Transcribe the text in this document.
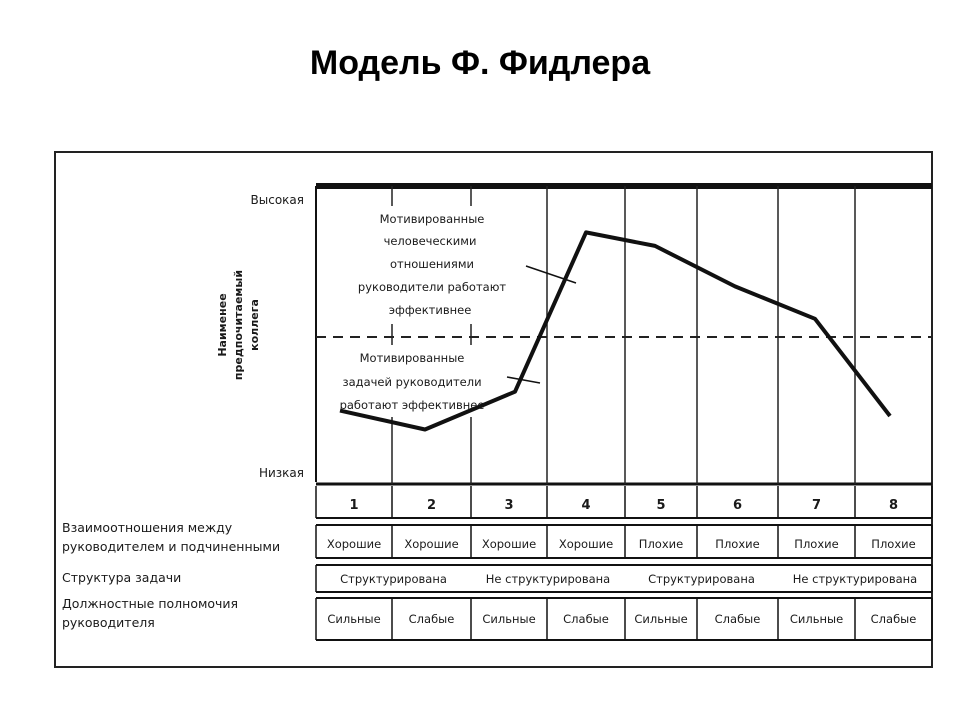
Модель Ф. Фидлера
Высокая
Низкая
Наименее предпочитаемый коллега
Мотивированные
человеческими
отношениями
руководители работают
эффективнее
Мотивированные
задачей руководители
работают эффективнее
Взаимоотношения между
руководителем и подчиненными
Структура задачи
Должностные полномочия
руководителя
1	2	3	4	5	6	7	8
Хорошие Хорошие Хорошие Хорошие Плохие	Плохие	Плохие	Плохие
Структурирована	Не структурирована	Структурирована	Не структурирована
Сильные Слабые Сильные Слабые Сильные Слабые	Сильные Слабые
